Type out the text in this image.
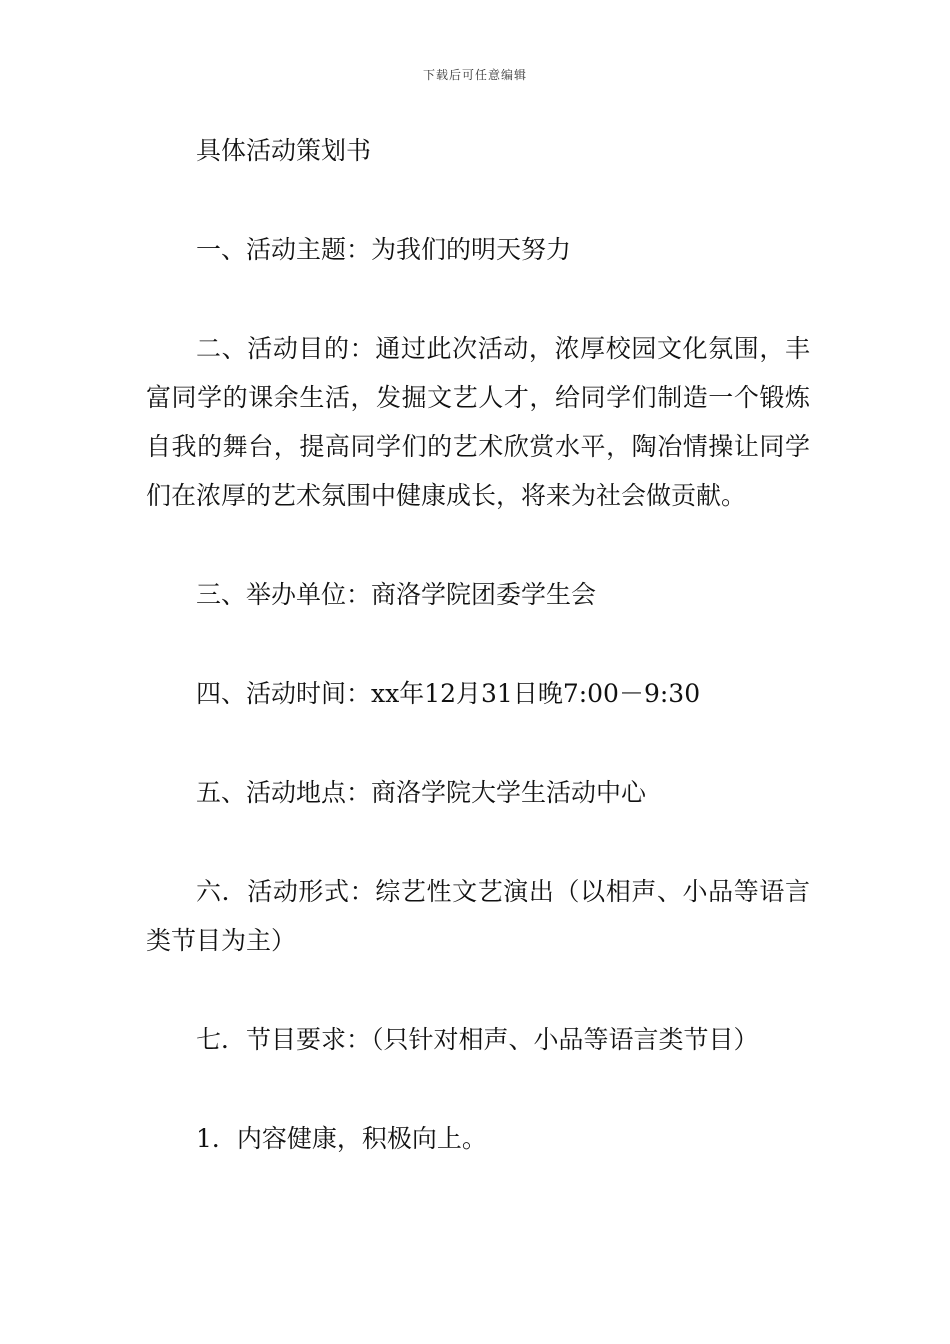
下载后可任意编辑

具体活动策划书

一、活动主题：为我们的明天努力

二、活动目的：通过此次活动，浓厚校园文化氛围，丰富同学的课余生活，发掘文艺人才，给同学们制造一个锻炼自我的舞台，提高同学们的艺术欣赏水平，陶冶情操让同学们在浓厚的艺术氛围中健康成长，将来为社会做贡献。

三、举办单位：商洛学院团委学生会

四、活动时间：xx年12月31日晚7:00－9:30

五、活动地点：商洛学院大学生活动中心

六．活动形式：综艺性文艺演出（以相声、小品等语言类节目为主）

七．节目要求：（只针对相声、小品等语言类节目）

1．内容健康，积极向上。
